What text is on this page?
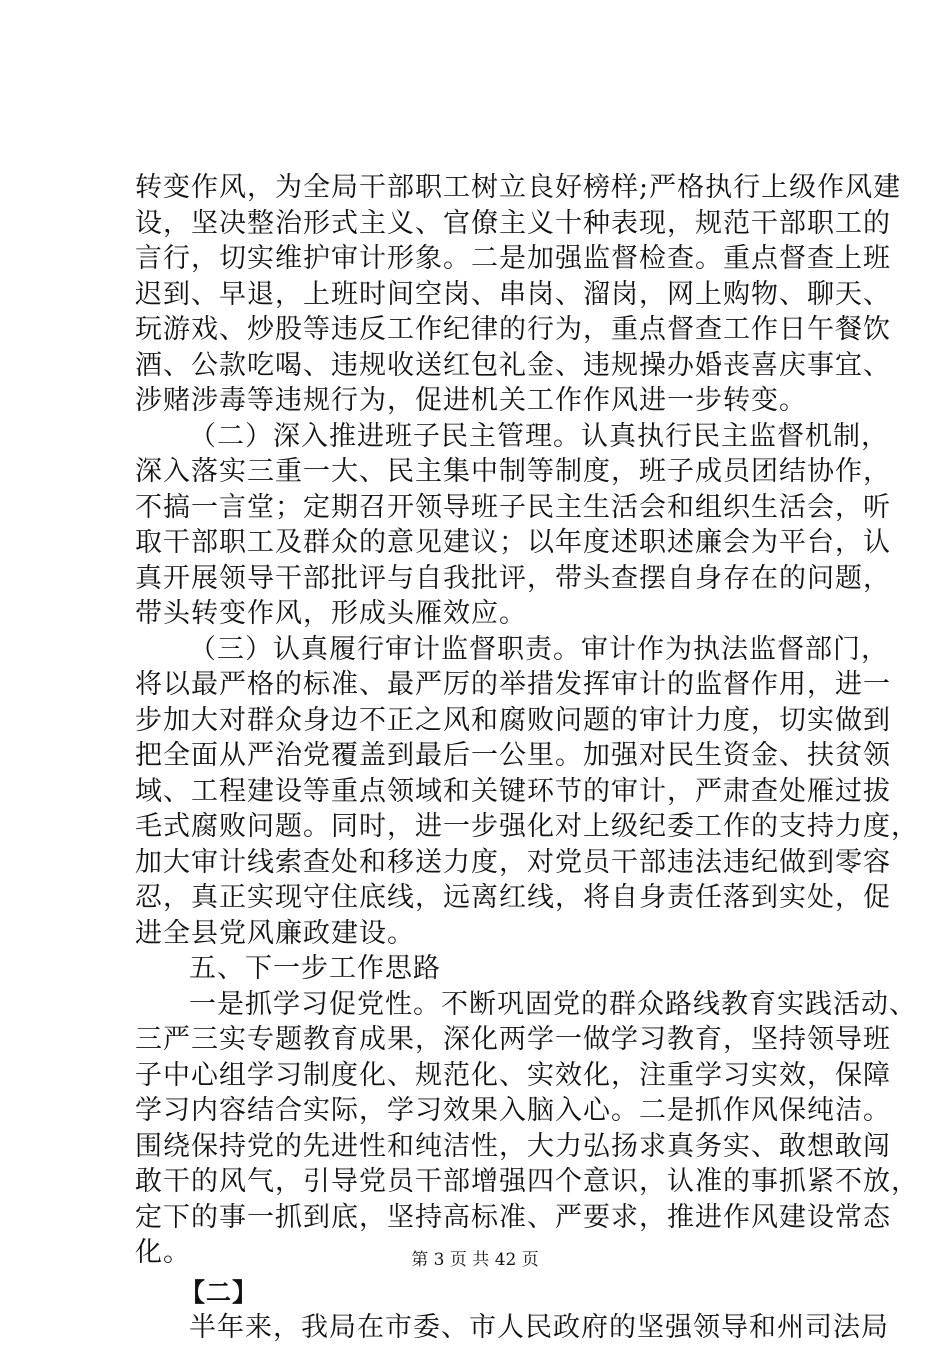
转变作风，为全局干部职工树立良好榜样;严格执行上级作风建
设，坚决整治形式主义、官僚主义十种表现，规范干部职工的
言行，切实维护审计形象。二是加强监督检查。重点督查上班
迟到、早退，上班时间空岗、串岗、溜岗，网上购物、聊天、
玩游戏、炒股等违反工作纪律的行为，重点督查工作日午餐饮
酒、公款吃喝、违规收送红包礼金、违规操办婚丧喜庆事宜、
涉赌涉毒等违规行为，促进机关工作作风进一步转变。
（二）深入推进班子民主管理。认真执行民主监督机制，
深入落实三重一大、民主集中制等制度，班子成员团结协作，
不搞一言堂；定期召开领导班子民主生活会和组织生活会，听
取干部职工及群众的意见建议；以年度述职述廉会为平台，认
真开展领导干部批评与自我批评，带头查摆自身存在的问题，
带头转变作风，形成头雁效应。
（三）认真履行审计监督职责。审计作为执法监督部门，
将以最严格的标准、最严厉的举措发挥审计的监督作用，进一
步加大对群众身边不正之风和腐败问题的审计力度，切实做到
把全面从严治党覆盖到最后一公里。加强对民生资金、扶贫领
域、工程建设等重点领域和关键环节的审计，严肃查处雁过拔
毛式腐败问题。同时，进一步强化对上级纪委工作的支持力度，
加大审计线索查处和移送力度，对党员干部违法违纪做到零容
忍，真正实现守住底线，远离红线，将自身责任落到实处，促
进全县党风廉政建设。
五、下一步工作思路
一是抓学习促党性。不断巩固党的群众路线教育实践活动、
三严三实专题教育成果，深化两学一做学习教育，坚持领导班
子中心组学习制度化、规范化、实效化，注重学习实效，保障
学习内容结合实际，学习效果入脑入心。二是抓作风保纯洁。
围绕保持党的先进性和纯洁性，大力弘扬求真务实、敢想敢闯
敢干的风气，引导党员干部增强四个意识，认准的事抓紧不放，
定下的事一抓到底，坚持高标准、严要求，推进作风建设常态
化。
【二】
半年来，我局在市委、市人民政府的坚强领导和州司法局
第 3 页 共 42 页
